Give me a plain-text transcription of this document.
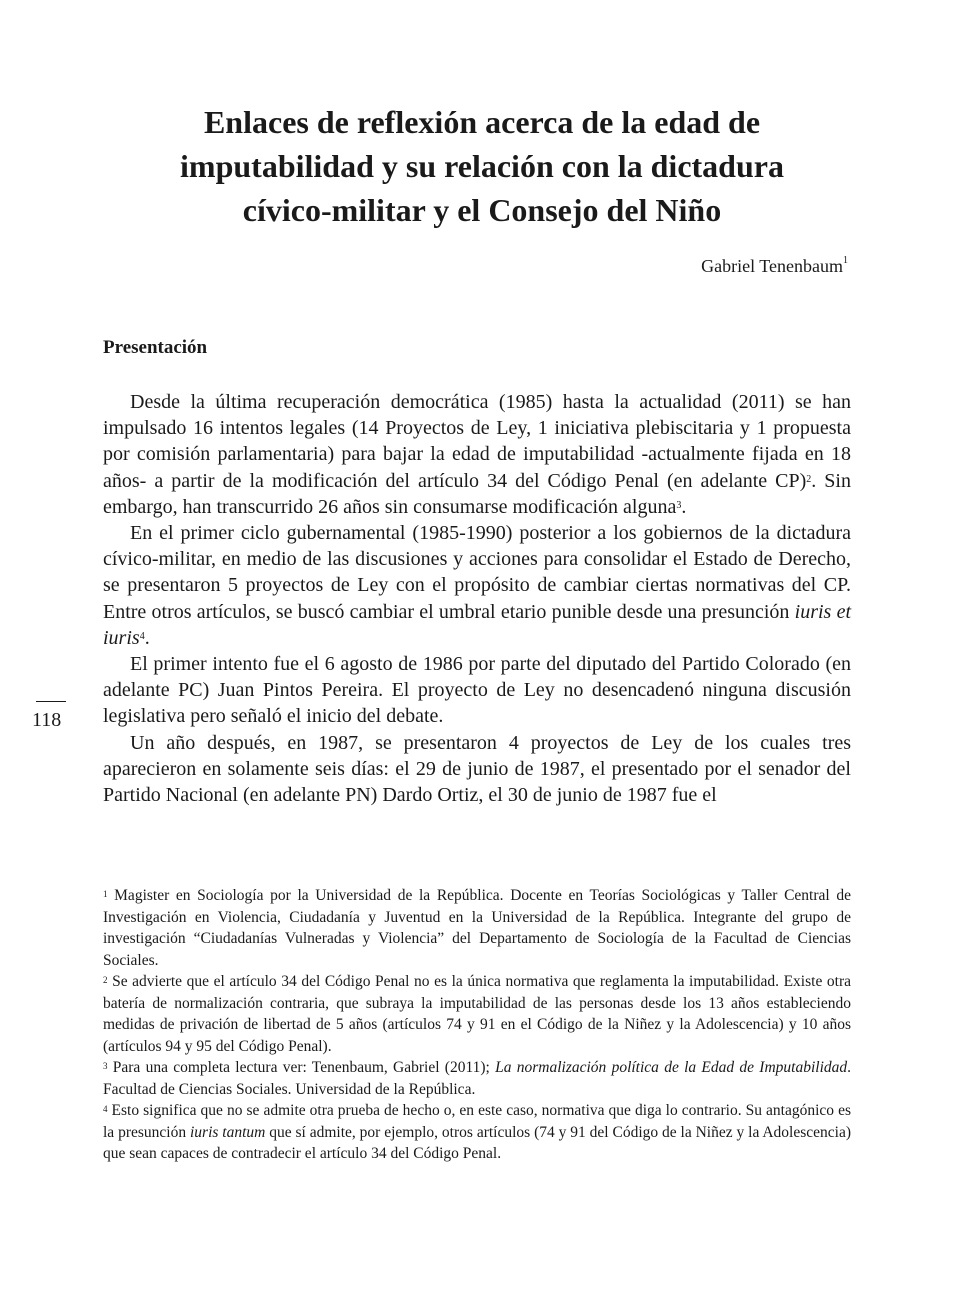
Enlaces de reflexión acerca de la edad de
imputabilidad y su relación con la dictadura
cívico-militar y el Consejo del Niño
Gabriel Tenenbaum$^1$
Presentación

Desde la última recuperación democrática (1985) hasta la actualidad (2011) se han impulsado 16 intentos legales (14 Proyectos de Ley, 1 iniciativa plebiscitaria y 1 propuesta por comisión parlamentaria) para bajar la edad de imputabilidad -actualmente fijada en 18 años- a partir de la modificación del artículo 34 del Código Penal (en adelante CP)$^2$. Sin embargo, han transcurrido 26 años sin consumarse modificación alguna$^3$.

En el primer ciclo gubernamental (1985-1990) posterior a los gobiernos de la dictadura cívico-militar, en medio de las discusiones y acciones para consolidar el Estado de Derecho, se presentaron 5 proyectos de Ley con el propósito de cambiar ciertas normativas del CP. Entre otros artículos, se buscó cambiar el umbral etario punible desde una presunción iuris et iuris$^4$.

El primer intento fue el 6 agosto de 1986 por parte del diputado del Partido Colorado (en adelante PC) Juan Pintos Pereira. El proyecto de Ley no desencadenó ninguna discusión legislativa pero señaló el inicio del debate.

Un año después, en 1987, se presentaron 4 proyectos de Ley de los cuales tres aparecieron en solamente seis días: el 29 de junio de 1987, el presentado por el senador del Partido Nacional (en adelante PN) Dardo Ortiz, el 30 de junio de 1987 fue el

118

$^1$ Magister en Sociología por la Universidad de la República. Docente en Teorías Sociológicas y Taller Central de Investigación en Violencia, Ciudadanía y Juventud en la Universidad de la República. Integrante del grupo de investigación “Ciudadanías Vulneradas y Violencia” del Departamento de Sociología de la Facultad de Ciencias Sociales.

$^2$ Se advierte que el artículo 34 del Código Penal no es la única normativa que reglamenta la imputabilidad. Existe otra batería de normalización contraria, que subraya la imputabilidad de las personas desde los 13 años estableciendo medidas de privación de libertad de 5 años (artículos 74 y 91 en el Código de la Niñez y la Adolescencia) y 10 años (artículos 94 y 95 del Código Penal).

$^3$ Para una completa lectura ver: Tenenbaum, Gabriel (2011); La normalización política de la Edad de Imputabilidad. Facultad de Ciencias Sociales. Universidad de la República.

$^4$ Esto significa que no se admite otra prueba de hecho o, en este caso, normativa que diga lo contrario. Su antagónico es la presunción iuris tantum que sí admite, por ejemplo, otros artículos (74 y 91 del Código de la Niñez y la Adolescencia) que sean capaces de contradecir el artículo 34 del Código Penal.
